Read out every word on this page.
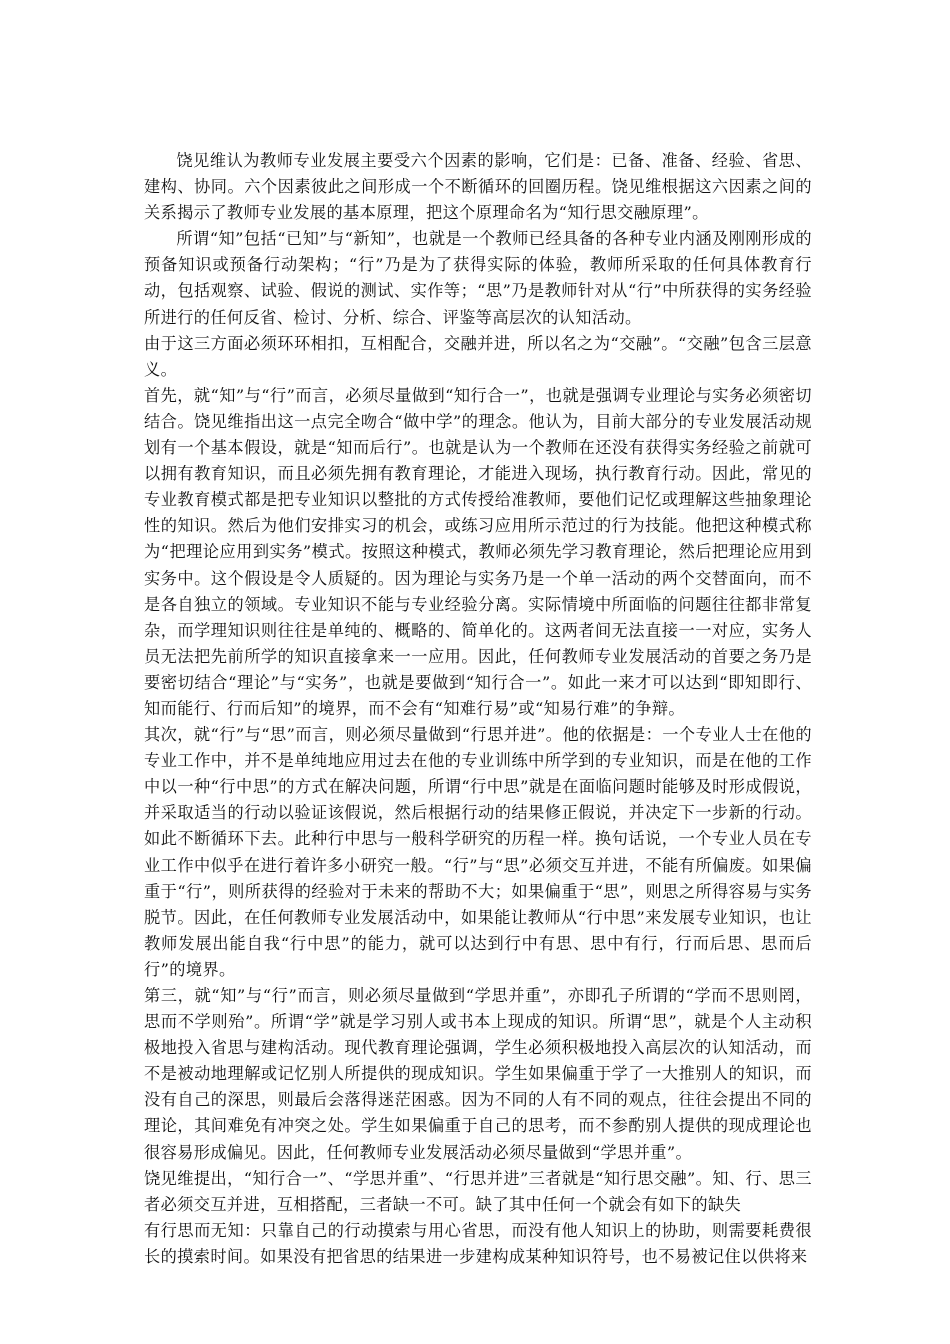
饶见维认为教师专业发展主要受六个因素的影响，它们是：已备、准备、经验、省思、建构、协同。六个因素彼此之间形成一个不断循环的回圈历程。饶见维根据这六因素之间的关系揭示了教师专业发展的基本原理，把这个原理命名为“知行思交融原理”。

所谓“知”包括“已知”与“新知”，也就是一个教师已经具备的各种专业内涵及刚刚形成的预备知识或预备行动架构；“行”乃是为了获得实际的体验，教师所采取的任何具体教育行动，包括观察、试验、假说的测试、实作等；“思”乃是教师针对从“行”中所获得的实务经验所进行的任何反省、检讨、分析、综合、评鉴等高层次的认知活动。

由于这三方面必须环环相扣，互相配合，交融并进，所以名之为“交融”。“交融”包含三层意义。

首先，就“知”与“行”而言，必须尽量做到“知行合一”，也就是强调专业理论与实务必须密切结合。饶见维指出这一点完全吻合“做中学”的理念。他认为，目前大部分的专业发展活动规划有一个基本假设，就是“知而后行”。也就是认为一个教师在还没有获得实务经验之前就可以拥有教育知识，而且必须先拥有教育理论，才能进入现场，执行教育行动。因此，常见的专业教育模式都是把专业知识以整批的方式传授给准教师，要他们记忆或理解这些抽象理论性的知识。然后为他们安排实习的机会，或练习应用所示范过的行为技能。他把这种模式称为“把理论应用到实务”模式。按照这种模式，教师必须先学习教育理论，然后把理论应用到实务中。这个假设是令人质疑的。因为理论与实务乃是一个单一活动的两个交替面向，而不是各自独立的领域。专业知识不能与专业经验分离。实际情境中所面临的问题往往都非常复杂，而学理知识则往往是单纯的、概略的、简单化的。这两者间无法直接一一对应，实务人员无法把先前所学的知识直接拿来一一应用。因此，任何教师专业发展活动的首要之务乃是要密切结合“理论”与“实务”，也就是要做到“知行合一”。如此一来才可以达到“即知即行、知而能行、行而后知”的境界，而不会有“知难行易”或“知易行难”的争辩。

其次，就“行”与“思”而言，则必须尽量做到“行思并进”。他的依据是：一个专业人士在他的专业工作中，并不是单纯地应用过去在他的专业训练中所学到的专业知识，而是在他的工作中以一种“行中思”的方式在解决问题，所谓“行中思”就是在面临问题时能够及时形成假说，并采取适当的行动以验证该假说，然后根据行动的结果修正假说，并决定下一步新的行动。如此不断循环下去。此种行中思与一般科学研究的历程一样。换句话说，一个专业人员在专业工作中似乎在进行着许多小研究一般。“行”与“思”必须交互并进，不能有所偏废。如果偏重于“行”，则所获得的经验对于未来的帮助不大；如果偏重于“思”，则思之所得容易与实务脱节。因此，在任何教师专业发展活动中，如果能让教师从“行中思”来发展专业知识，也让教师发展出能自我“行中思”的能力，就可以达到行中有思、思中有行，行而后思、思而后行”的境界。

第三，就“知”与“行”而言，则必须尽量做到“学思并重”，亦即孔子所谓的“学而不思则罔，思而不学则殆”。所谓“学”就是学习别人或书本上现成的知识。所谓“思”，就是个人主动积极地投入省思与建构活动。现代教育理论强调，学生必须积极地投入高层次的认知活动，而不是被动地理解或记忆别人所提供的现成知识。学生如果偏重于学了一大推别人的知识，而没有自己的深思，则最后会落得迷茫困惑。因为不同的人有不同的观点，往往会提出不同的理论，其间难免有冲突之处。学生如果偏重于自己的思考，而不参酌别人提供的现成理论也很容易形成偏见。因此，任何教师专业发展活动必须尽量做到“学思并重”。

饶见维提出，“知行合一”、“学思并重”、“行思并进”三者就是“知行思交融”。知、行、思三者必须交互并进，互相搭配，三者缺一不可。缺了其中任何一个就会有如下的缺失

有行思而无知：只靠自己的行动摸索与用心省思，而没有他人知识上的协助，则需要耗费很长的摸索时间。如果没有把省思的结果进一步建构成某种知识符号，也不易被记住以供将来
